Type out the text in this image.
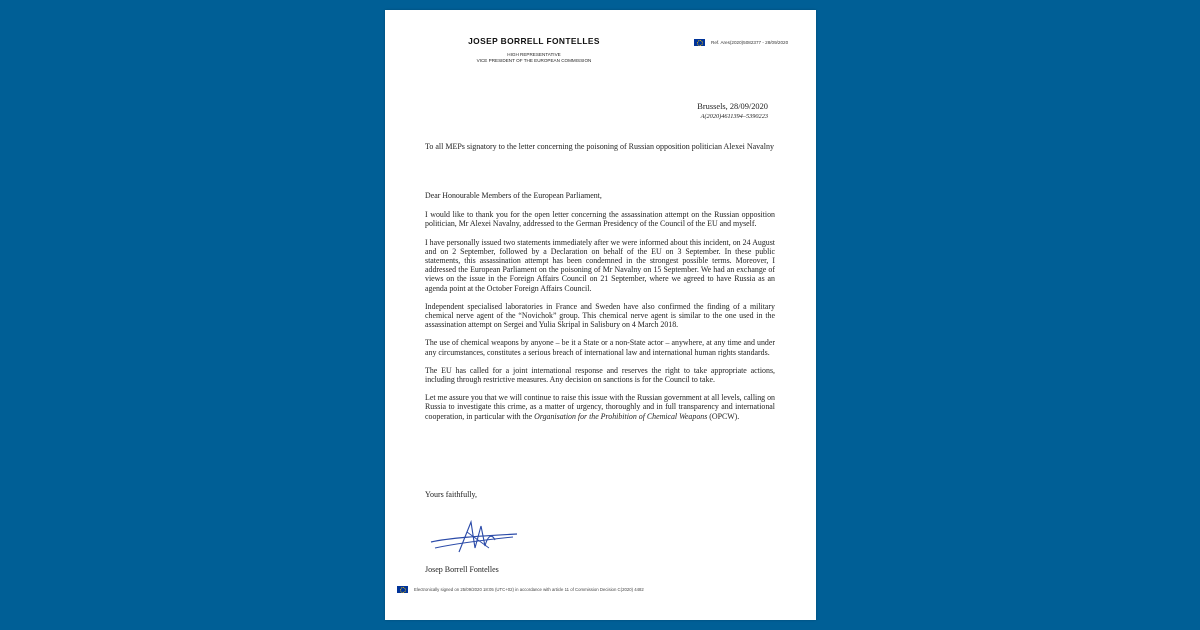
JOSEP BORRELL FONTELLES
HIGH REPRESENTATIVE
VICE PRESIDENT OF THE EUROPEAN COMMISSION
Ref. Ares(2020)5082377 - 28/09/2020
Brussels, 28/09/2020
A(2020)4611394–5390223
To all MEPs signatory to the letter concerning the poisoning of Russian opposition politician Alexei Navalny

Dear Honourable Members of the European Parliament,

I would like to thank you for the open letter concerning the assassination attempt on the Russian opposition politician, Mr Alexei Navalny, addressed to the German Presidency of the Council of the EU and myself.

I have personally issued two statements immediately after we were informed about this incident, on 24 August and on 2 September, followed by a Declaration on behalf of the EU on 3 September. In these public statements, this assassination attempt has been condemned in the strongest possible terms. Moreover, I addressed the European Parliament on the poisoning of Mr Navalny on 15 September. We had an exchange of views on the issue in the Foreign Affairs Council on 21 September, where we agreed to have Russia as an agenda point at the October Foreign Affairs Council.

Independent specialised laboratories in France and Sweden have also confirmed the finding of a military chemical nerve agent of the “Novichok” group. This chemical nerve agent is similar to the one used in the assassination attempt on Sergei and Yulia Skripal in Salisbury on 4 March 2018.

The use of chemical weapons by anyone – be it a State or a non-State actor – anywhere, at any time and under any circumstances, constitutes a serious breach of international law and international human rights standards.

The EU has called for a joint international response and reserves the right to take appropriate actions, including through restrictive measures. Any decision on sanctions is for the Council to take.

Let me assure you that we will continue to raise this issue with the Russian government at all levels, calling on Russia to investigate this crime, as a matter of urgency, thoroughly and in full transparency and international cooperation, in particular with the Organisation for the Prohibition of Chemical Weapons (OPCW).

Yours faithfully,
Josep Borrell Fontelles
Electronically signed on 25/09/2020 18:05 (UTC+02) in accordance with article 11 of Commission Decision C(2020) 4482
